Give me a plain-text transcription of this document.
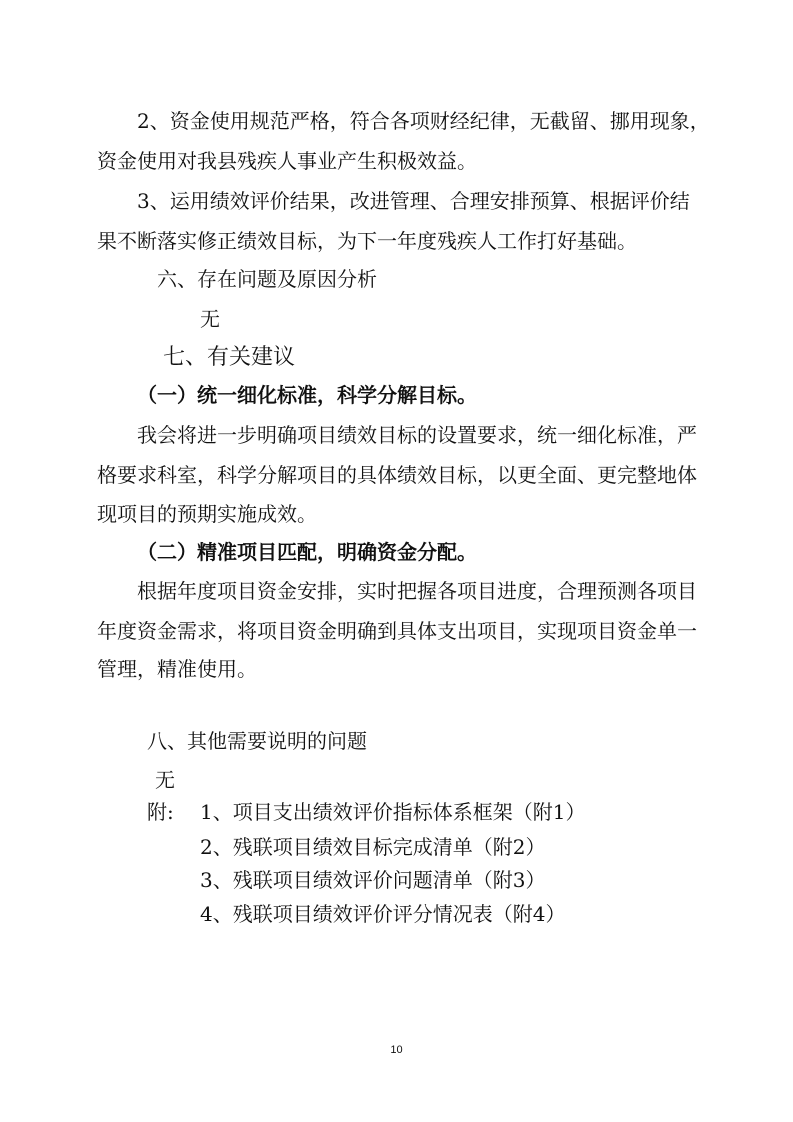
2、资金使用规范严格，符合各项财经纪律，无截留、挪用现象，
资金使用对我县残疾人事业产生积极效益。
3、运用绩效评价结果，改进管理、合理安排预算、根据评价结
果不断落实修正绩效目标，为下一年度残疾人工作打好基础。
六、存在问题及原因分析
无
七、有关建议
（一）统一细化标准，科学分解目标。
我会将进一步明确项目绩效目标的设置要求，统一细化标准，严
格要求科室，科学分解项目的具体绩效目标，以更全面、更完整地体
现项目的预期实施成效。
（二）精准项目匹配，明确资金分配。
根据年度项目资金安排，实时把握各项目进度，合理预测各项目
年度资金需求，将项目资金明确到具体支出项目，实现项目资金单一
管理，精准使用。
八、其他需要说明的问题
无
附: 1、项目支出绩效评价指标体系框架（附1）
2、残联项目绩效目标完成清单（附2）
3、残联项目绩效评价问题清单（附3）
4、残联项目绩效评价评分情况表（附4）
10
